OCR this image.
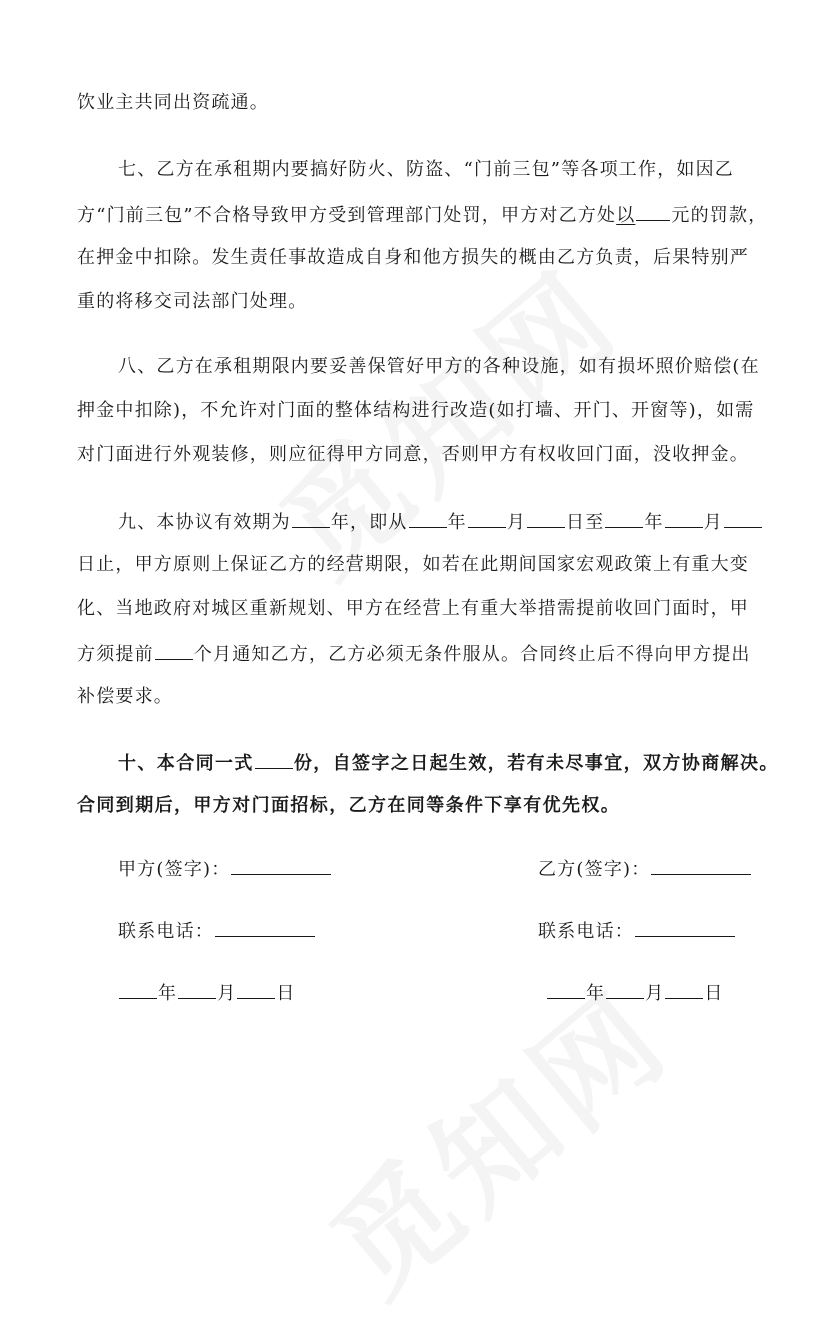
饮业主共同出资疏通。
七、乙方在承租期内要搞好防火、防盗、“门前三包”等各项工作，如因乙
方“门前三包”不合格导致甲方受到管理部门处罚，甲方对乙方处以 元的罚款，
在押金中扣除。发生责任事故造成自身和他方损失的概由乙方负责，后果特别严
重的将移交司法部门处理。
八、乙方在承租期限内要妥善保管好甲方的各种设施，如有损坏照价赔偿(在
押金中扣除)，不允许对门面的整体结构进行改造(如打墙、开门、开窗等)，如需
对门面进行外观装修，则应征得甲方同意，否则甲方有权收回门面，没收押金。
九、本协议有效期为 年，即从 年 月 日至 年 月
日止，甲方原则上保证乙方的经营期限，如若在此期间国家宏观政策上有重大变
化、当地政府对城区重新规划、甲方在经营上有重大举措需提前收回门面时，甲
方须提前 个月通知乙方，乙方必须无条件服从。合同终止后不得向甲方提出
补偿要求。
十、本合同一式 份，自签字之日起生效，若有未尽事宜，双方协商解决。
合同到期后，甲方对门面招标，乙方在同等条件下享有优先权。
甲方(签字)：	乙方(签字)：
联系电话：	联系电话：
年 月 日	年 月 日
